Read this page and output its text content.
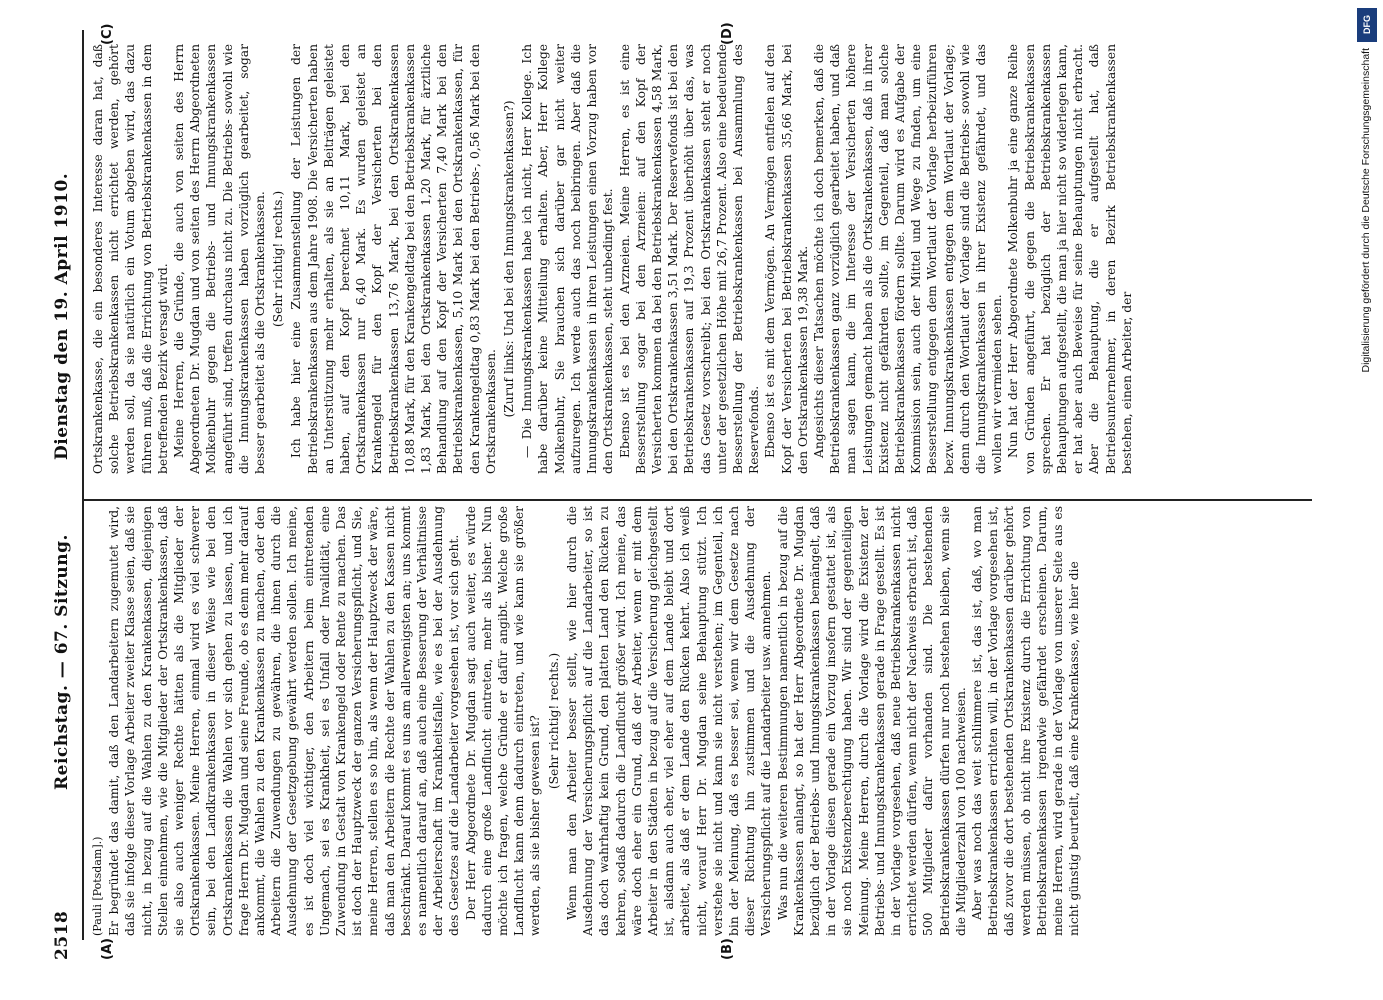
2518
Reichstag. — 67. Sitzung.
Dienstag den 19. April 1910.
(A)	(B)
(C)	(D)

(Pauli [Potsdam].) Er begründet das damit, daß den Landarbeitern zugemutet wird, daß sie infolge dieser Vorlage Arbeiter zweiter Klasse seien, daß sie nicht, in bezug auf die Wahlen zu den Krankenkassen, diejenigen Stellen einnehmen, wie die Mitglieder der Ortskrankenkassen, daß sie also auch weniger Rechte hätten als die Mitglieder der Ortskrankenkassen. Meine Herren, einmal wird es viel schwerer sein, bei den Landkrankenkassen in dieser Weise wie bei den Ortskrankenkassen die Wahlen vor sich gehen zu lassen, und ich frage Herrn Dr. Mugdan und seine Freunde, ob es denn mehr darauf ankommt, die Wahlen zu den Krankenkassen zu machen, oder den Arbeitern die Zuwendungen zu gewähren, die ihnen durch die Ausdehnung der Gesetzgebung gewährt werden sollen. Ich meine, es ist doch viel wichtiger, den Arbeitern beim eintretenden Ungemach, sei es Krankheit, sei es Unfall oder Invalidität, eine Zuwendung in Gestalt von Krankengeld oder Rente zu machen. Das ist doch der Hauptzweck der ganzen Versicherungspflicht, und Sie, meine Herren, stellen es so hin, als wenn der Hauptzweck der wäre, daß man den Arbeitern die Rechte der Wahlen zu den Kassen nicht beschränkt. Darauf kommt es uns am allerwenigsten an; uns kommt es namentlich darauf an, daß auch eine Besserung der Verhältnisse der Arbeiterschaft im Krankheitsfalle, wie es bei der Ausdehnung des Gesetzes auf die Landarbeiter vorgesehen ist, vor sich geht. Der Herr Abgeordnete Dr. Mugdan sagt auch weiter, es würde dadurch eine große Landflucht eintreten, mehr als bisher. Nun möchte ich fragen, welche Gründe er dafür angibt. Welche große Landflucht kann denn dadurch eintreten, und wie kann sie größer werden, als sie bisher gewesen ist? (Sehr richtig! rechts.) Wenn man den Arbeiter besser stellt, wie hier durch die Ausdehnung der Versicherungspflicht auf die Landarbeiter, so ist das doch wahrhaftig kein Grund, den platten Land den Rücken zu kehren, sodaß dadurch die Landflucht größer wird. Ich meine, das wäre doch eher ein Grund, daß der Arbeiter, wenn er mit dem Arbeiter in den Städten in bezug auf die Versicherung gleichgestellt ist, alsdann auch eher, viel eher auf dem Lande bleibt und dort arbeitet, als daß er dem Lande den Rücken kehrt. Also ich weiß nicht, worauf Herr Dr. Mugdan seine Behauptung stützt. Ich verstehe sie nicht und kann sie nicht verstehen; im Gegenteil, ich bin der Meinung, daß es besser sei, wenn wir dem Gesetze nach dieser Richtung hin zustimmen und die Ausdehnung der Versicherungspflicht auf die Landarbeiter usw. annehmen. Was nun die weiteren Bestimmungen namentlich in bezug auf die Krankenkassen anlangt, so hat der Herr Abgeordnete Dr. Mugdan bezüglich der Betriebs- und Innungskrankenkassen bemängelt, daß in der Vorlage diesen gerade ein Vorzug insofern gestattet ist, als sie noch Existenzberechtigung haben. Wir sind der gegenteiligen Meinung. Meine Herren, durch die Vorlage wird die Existenz der Betriebs- und Innungskrankenkassen gerade in Frage gestellt. Es ist in der Vorlage vorgesehen, daß neue Betriebskrankenkassen nicht errichtet werden dürfen, wenn nicht der Nachweis erbracht ist, daß 500 Mitglieder dafür vorhanden sind. Die bestehenden Betriebskrankenkassen dürfen nur noch bestehen bleiben, wenn sie die Mitgliederzahl von 100 nachweisen. Aber was noch das weit schlimmere ist, das ist, daß, wo man Betriebskrankenkassen errichten will, in der Vorlage vorgesehen ist, daß zuvor die dort bestehenden Ortskrankenkassen darüber gehört werden müssen, ob nicht ihre Existenz durch die Errichtung von Betriebskrankenkassen irgendwie gefährdet erscheinen. Darum, meine Herren, wird gerade in der Vorlage von unserer Seite aus es nicht günstig beurteilt, daß eine Krankenkasse, wie hier die

Ortskrankenkasse, die ein besonderes Interesse daran hat, daß solche Betriebskrankenkassen nicht errichtet werden, gehört werden soll, da sie natürlich ein Votum abgeben wird, das dazu führen muß, daß die Errichtung von Betriebskrankenkassen in dem betreffenden Bezirk versagt wird. Meine Herren, die Gründe, die auch von seiten des Herrn Abgeordneten Dr. Mugdan und von seiten des Herrn Abgeordneten Molkenbuhr gegen die Betriebs- und Innungskrankenkassen angeführt sind, treffen durchaus nicht zu. Die Betriebs- sowohl wie die Innungskrankenkassen haben vorzüglich gearbeitet, sogar besser gearbeitet als die Ortskrankenkassen. (Sehr richtig! rechts.) Ich habe hier eine Zusammenstellung der Leistungen der Betriebskrankenkassen aus dem Jahre 1908. Die Versicherten haben an Unterstützung mehr erhalten, als sie an Beiträgen geleistet haben, auf den Kopf berechnet 10,11 Mark, bei den Ortskrankenkassen nur 6,40 Mark. Es wurden geleistet an Krankengeld für den Kopf der Versicherten bei den Betriebskrankenkassen 13,76 Mark, bei den Ortskrankenkassen 10,88 Mark, für den Krankengeldtag bei den Betriebskrankenkassen 1,83 Mark, bei den Ortskrankenkassen 1,20 Mark, für ärztliche Behandlung auf den Kopf der Versicherten 7,40 Mark bei den Betriebskrankenkassen, 5,10 Mark bei den Ortskrankenkassen, für den Krankengeldtag 0,83 Mark bei den Betriebs-, 0,56 Mark bei den Ortskrankenkassen. (Zuruf links: Und bei den Innungskrankenkassen?) — Die Innungskrankenkassen habe ich nicht, Herr Kollege. Ich habe darüber keine Mitteilung erhalten. Aber, Herr Kollege Molkenbuhr, Sie brauchen sich darüber gar nicht weiter aufzuregen. Ich werde auch das noch beibringen. Aber daß die Innungskrankenkassen in ihren Leistungen einen Vorzug haben vor den Ortskrankenkassen, steht unbedingt fest. Ebenso ist es bei den Arzneien. Meine Herren, es ist eine Besserstellung sogar bei den Arzneien: auf den Kopf der Versicherten kommen da bei den Betriebskrankenkassen 4,58 Mark, bei den Ortskrankenkassen 3,51 Mark. Der Reservefonds ist bei den Betriebskrankenkassen auf 19,3 Prozent überhöht über das, was das Gesetz vorschreibt; bei den Ortskrankenkassen steht er noch unter der gesetzlichen Höhe mit 26,7 Prozent. Also eine bedeutende Besserstellung der Betriebskrankenkassen bei Ansammlung des Reservefonds. Ebenso ist es mit dem Vermögen. An Vermögen entfielen auf den Kopf der Versicherten bei Betriebskrankenkassen 35,66 Mark, bei den Ortskrankenkassen 19,38 Mark. Angesichts dieser Tatsachen möchte ich doch bemerken, daß die Betriebskrankenkassen ganz vorzüglich gearbeitet haben, und daß man sagen kann, die im Interesse der Versicherten höhere Leistungen gemacht haben als die Ortskrankenkassen, daß in ihrer Existenz nicht gefährden sollte, im Gegenteil, daß man solche Betriebskrankenkassen fördern sollte. Darum wird es Aufgabe der Kommission sein, auch der Mittel und Wege zu finden, um eine Besserstellung entgegen dem Wortlaut der Vorlage herbeizuführen bezw. Innungskrankenkassen entgegen dem Wortlaut der Vorlage; denn durch den Wortlaut der Vorlage sind die Betriebs- sowohl wie die Innungskrankenkassen in ihrer Existenz gefährdet, und das wollen wir vermieden sehen. Nun hat der Herr Abgeordnete Molkenbuhr ja eine ganze Reihe von Gründen angeführt, die gegen die Betriebskrankenkassen sprechen. Er hat bezüglich der Betriebskrankenkassen Behauptungen aufgestellt, die man ja hier nicht so widerlegen kann, er hat aber auch Beweise für seine Behauptungen nicht erbracht. Aber die Behauptung, die er aufgestellt hat, daß Betriebsunternehmer, in deren Bezirk Betriebskrankenkassen bestehen, einen Arbeiter, der

DFG
Digitalisierung gefördert durch die Deutsche Forschungsgemeinschaft
